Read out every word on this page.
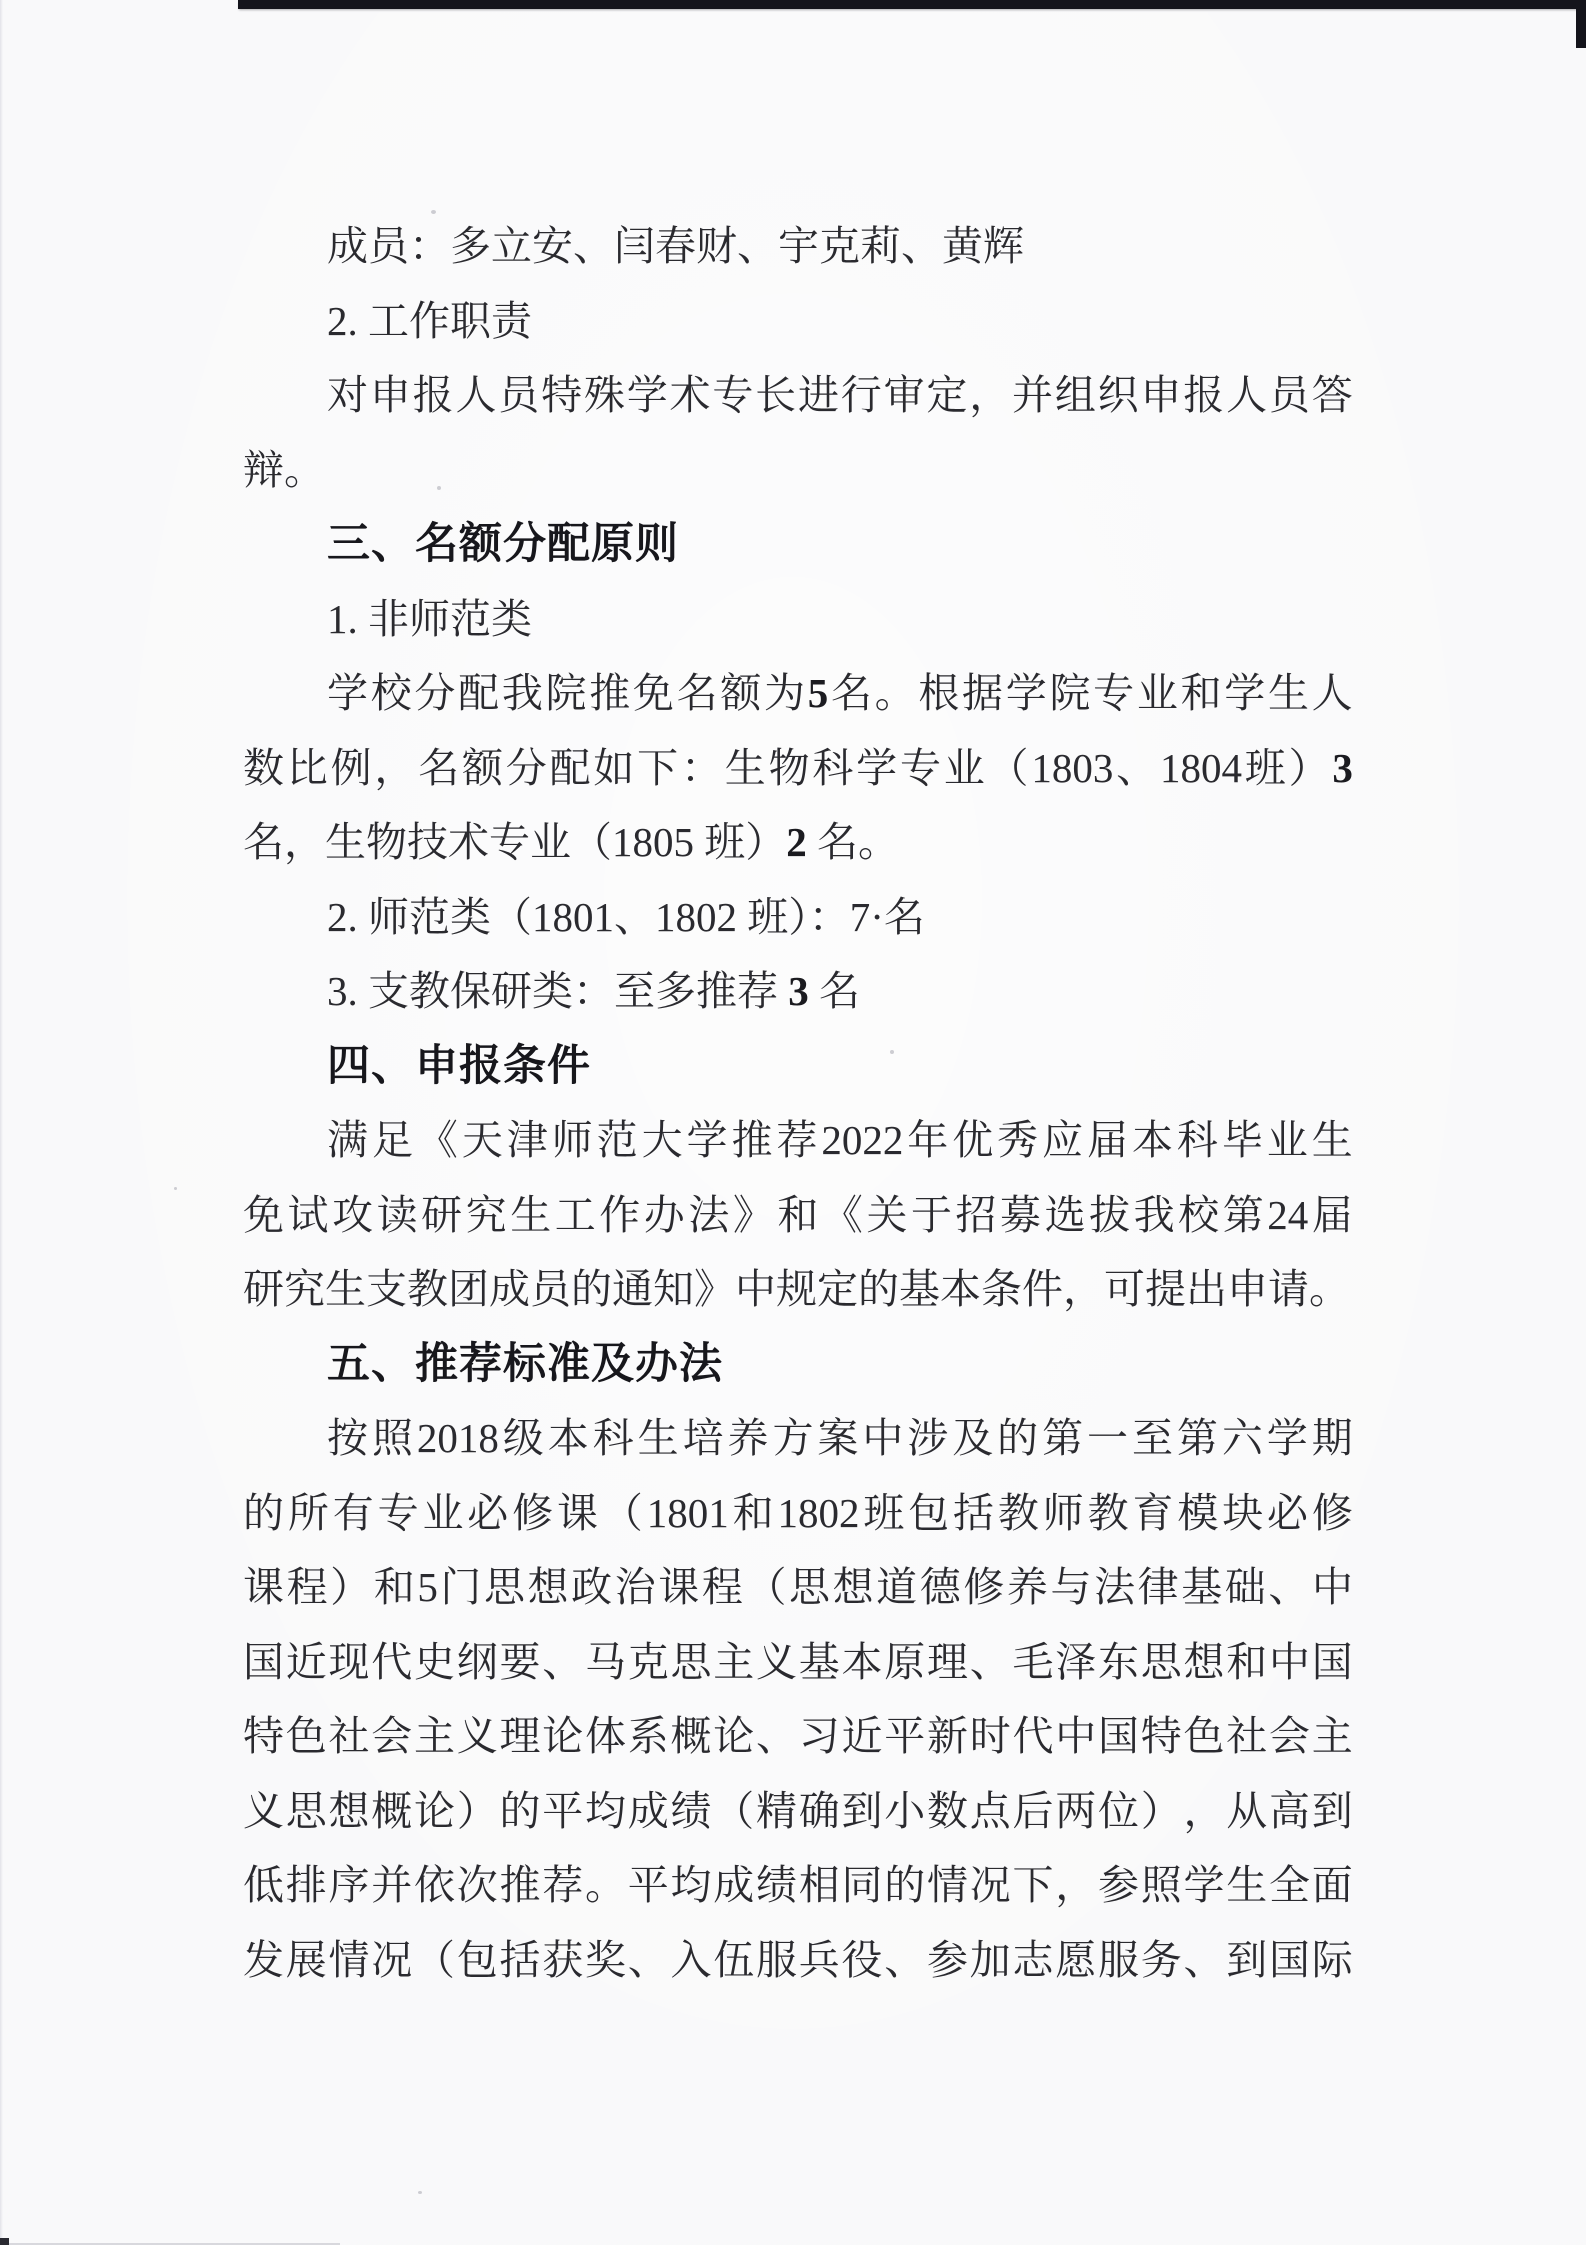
成员：多立安、闫春财、宇克莉、黄辉
2. 工作职责
对 申 报 人 员 特 殊 学 术 专 长 进 行 审 定 ， 并 组 织 申 报 人 员 答
辩。
三、名额分配原则
1. 非师范类
学 校 分 配 我 院 推 免 名 额 为 5 名 。 根 据 学 院 专 业 和 学 生 人
数 比 例 ， 名 额 分 配 如 下 ： 生 物 科 学 专 业 （ 1803 、 1804 班 ） 3
名，生物技术专业（1805 班）2 名。
2. 师范类（1801、1802 班）：7·名
3. 支教保研类：至多推荐 3 名
四、申报条件
满 足 《 天 津 师 范 大 学 推 荐 2022 年 优 秀 应 届 本 科 毕 业 生
免 试 攻 读 研 究 生 工 作 办 法 》 和 《 关 于 招 募 选 拔 我 校 第 24 届
研究生支教团成员的通知》中规定的基本条件，可提出申请。
五、推荐标准及办法
按 照 2018 级 本 科 生 培 养 方 案 中 涉 及 的 第 一 至 第 六 学 期
的 所 有 专 业 必 修 课 （ 1801 和 1802 班 包 括 教 师 教 育 模 块 必 修
课 程 ） 和 5 门 思 想 政 治 课 程 （ 思 想 道 德 修 养 与 法 律 基 础 、 中
国 近 现 代 史 纲 要 、 马 克 思 主 义 基 本 原 理 、 毛 泽 东 思 想 和 中 国
特 色 社 会 主 义 理 论 体 系 概 论 、 习 近 平 新 时 代 中 国 特 色 社 会 主
义 思 想 概 论 ） 的 平 均 成 绩 （ 精 确 到 小 数 点 后 两 位 ） ， 从 高 到
低 排 序 并 依 次 推 荐 。 平 均 成 绩 相 同 的 情 况 下 ， 参 照 学 生 全 面
发 展 情 况 （ 包 括 获 奖 、 入 伍 服 兵 役 、 参 加 志 愿 服 务 、 到 国 际
